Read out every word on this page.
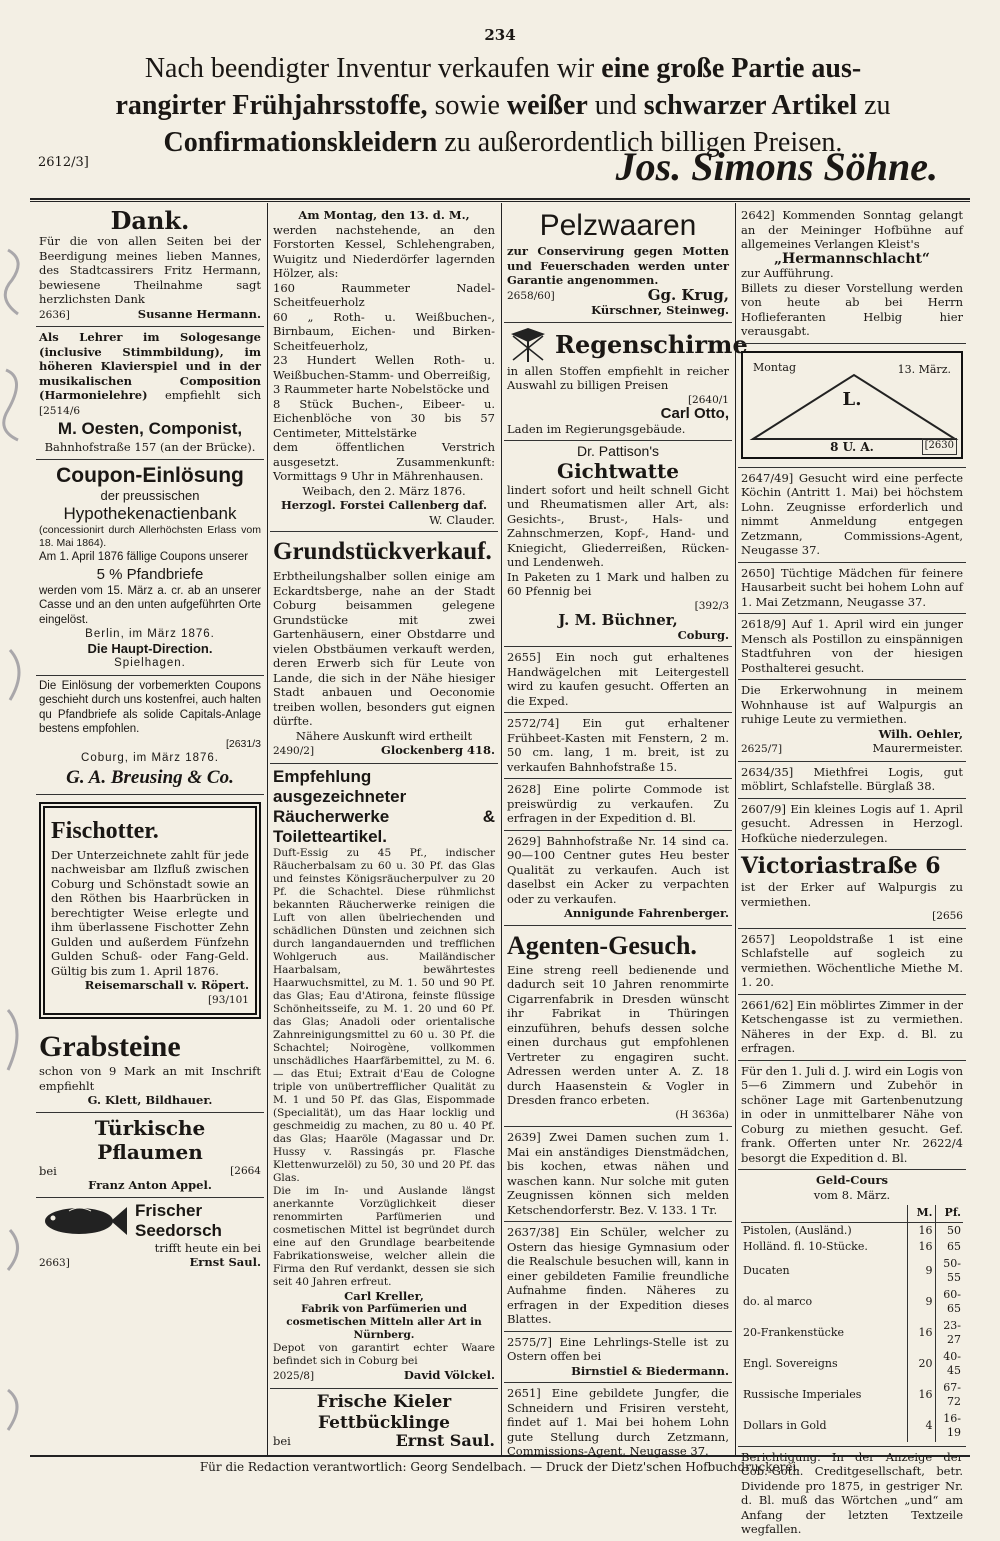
234
Nach beendigter Inventur verkaufen wir eine große Partie aus-
rangirter Frühjahrsstoffe, sowie weißer und schwarzer Artikel zu
Confirmationskleidern zu außerordentlich billigen Preisen.
2612/3]	Jos. Simons Söhne.
Dank.

Für die von allen Seiten bei der Beerdigung meines lieben Mannes, des Stadtcassirers Fritz Hermann, bewiesene Theilnahme sagt herzlichsten Dank

2636]	Susanne Hermann.

Als Lehrer im Sologesange (inclusive Stimmbildung), im höheren Klavierspiel und in der musikalischen Composition (Harmonielehre) empfiehlt sich [2514/6

M. Oesten, Componist,

Bahnhofstraße 157 (an der Brücke).

Coupon-Einlösung

der preussischen

Hypothekenactienbank

(concessionirt durch Allerhöchsten Erlass vom 18. Mai 1864).

Am 1. April 1876 fällige Coupons unserer

5 % Pfandbriefe

werden vom 15. März a. cr. ab an unserer Casse und an den unten aufgeführten Orte eingelöst.

Berlin, im März 1876.

Die Haupt-Direction.

Spielhagen.

Die Einlösung der vorbemerkten Coupons geschieht durch uns kostenfrei, auch halten qu Pfandbriefe als solide Capitals-Anlage bestens empfohlen.

[2631/3

Coburg, im März 1876.

G. A. Breusing & Co.

Fischotter.

Der Unterzeichnete zahlt für jede nachweisbar am Ilzfluß zwischen Coburg und Schönstadt sowie an den Röthen bis Haarbrücken in berechtigter Weise erlegte und ihm überlassene Fischotter Zehn Gulden und außerdem Fünfzehn Gulden Schuß- oder Fang-Geld. Gültig bis zum 1. April 1876.

Reisemarschall v. Röpert.

[93/101

Grabsteine

schon von 9 Mark an mit Inschrift empfiehlt

G. Klett, Bildhauer.

Türkische Pflaumen

bei	[2664

Franz Anton Appel.

Frischer Seedorsch

trifft heute ein bei

2663]	Ernst Saul.

Am Montag, den 13. d. M.,

werden nachstehende, an den Forstorten Kessel, Schlehengraben, Wuigitz und Niederdörfer lagernden Hölzer, als:

160 Raummeter Nadel-Scheitfeuerholz

60 „ Roth- u. Weißbuchen-, Birnbaum, Eichen- und Birken-Scheitfeuerholz,

23 Hundert Wellen Roth- u. Weißbuchen-Stamm- und Oberreißig,

3 Raummeter harte Nobelstöcke und

8 Stück Buchen-, Eibeer- u. Eichenblöche von 30 bis 57 Centimeter, Mittelstärke

dem öffentlichen Verstrich ausgesetzt. Zusammenkunft: Vormittags 9 Uhr in Mährenhausen.

Weibach, den 2. März 1876.

Herzogl. Forstei Callenberg daf.

W. Clauder.

Grundstückverkauf.

Erbtheilungshalber sollen einige am Eckardtsberge, nahe an der Stadt Coburg beisammen gelegene Grundstücke mit zwei Gartenhäusern, einer Obstdarre und vielen Obstbäumen verkauft werden, deren Erwerb sich für Leute von Lande, die sich in der Nähe hiesiger Stadt anbauen und Oeconomie treiben wollen, besonders gut eignen dürfte.

Nähere Auskunft wird ertheilt

2490/2]	Glockenberg 418.

Empfehlung ausgezeichneter Räucherwerke & Toiletteartikel.

Duft-Essig zu 45 Pf., indischer Räucherbalsam zu 60 u. 30 Pf. das Glas und feinstes Königsräucherpulver zu 20 Pf. die Schachtel. Diese rühmlichst bekannten Räucherwerke reinigen die Luft von allen übelriechenden und schädlichen Dünsten und zeichnen sich durch langandauernden und trefflichen Wohlgeruch aus. Mailändischer Haarbalsam, bewährtestes Haarwuchsmittel, zu M. 1. 50 und 90 Pf. das Glas; Eau d'Atirona, feinste flüssige Schönheitsseife, zu M. 1. 20 und 60 Pf. das Glas; Anadoli oder orientalische Zahnreinigungsmittel zu 60 u. 30 Pf. die Schachtel; Noirogène, vollkommen unschädliches Haarfärbemittel, zu M. 6.— das Etui; Extrait d'Eau de Cologne triple von unübertrefflicher Qualität zu M. 1 und 50 Pf. das Glas, Eispommade (Specialität), um das Haar locklig und geschmeidig zu machen, zu 80 u. 40 Pf. das Glas; Haaröle (Magassar und Dr. Hussy v. Rassingás pr. Flasche Klettenwurzelöl) zu 50, 30 und 20 Pf. das Glas.

Die im In- und Auslande längst anerkannte Vorzüglichkeit dieser renommirten Parfümerien und cosmetischen Mittel ist begründet durch eine auf den Grundlage bearbeitende Fabrikationsweise, welcher allein die Firma den Ruf verdankt, dessen sie sich seit 40 Jahren erfreut.

Carl Kreller,

Fabrik von Parfümerien und cosmetischen Mitteln aller Art in Nürnberg.

Depot von garantirt echter Waare befindet sich in Coburg bei

2025/8]	David Völckel.

Frische Kieler Fettbücklinge

bei	Ernst Saul.

Pelzwaaren

zur Conservirung gegen Motten und Feuerschaden werden unter Garantie angenommen.

2658/60]	Gg. Krug,

Kürschner, Steinweg.

Regenschirme

in allen Stoffen empfiehlt in reicher Auswahl zu billigen Preisen

[2640/1

Carl Otto,

Laden im Regierungsgebäude.

Dr. Pattison's

Gichtwatte

lindert sofort und heilt schnell Gicht und Rheumatismen aller Art, als: Gesichts-, Brust-, Hals- und Zahnschmerzen, Kopf-, Hand- und Kniegicht, Gliederreißen, Rücken- und Lendenweh.

In Paketen zu 1 Mark und halben zu 60 Pfennig bei

[392/3

J. M. Büchner,

Coburg.

2655] Ein noch gut erhaltenes Handwägelchen mit Leitergestell wird zu kaufen gesucht. Offerten an die Exped.

2572/74] Ein gut erhaltener Frühbeet-Kasten mit Fenstern, 2 m. 50 cm. lang, 1 m. breit, ist zu verkaufen Bahnhofstraße 15.

2628] Eine polirte Commode ist preiswürdig zu verkaufen. Zu erfragen in der Expedition d. Bl.

2629] Bahnhofstraße Nr. 14 sind ca. 90—100 Centner gutes Heu bester Qualität zu verkaufen. Auch ist daselbst ein Acker zu verpachten oder zu verkaufen.

Annigunde Fahrenberger.

Agenten-Gesuch.

Eine streng reell bedienende und dadurch seit 10 Jahren renommirte Cigarrenfabrik in Dresden wünscht ihr Fabrikat in Thüringen einzuführen, behufs dessen solche einen durchaus gut empfohlenen Vertreter zu engagiren sucht. Adressen werden unter A. Z. 18 durch Haasenstein & Vogler in Dresden franco erbeten.

(H 3636a)

2639] Zwei Damen suchen zum 1. Mai ein anständiges Dienstmädchen, bis kochen, etwas nähen und waschen kann. Nur solche mit guten Zeugnissen können sich melden Ketschendorferstr. Bez. V. 133. 1 Tr.

2637/38] Ein Schüler, welcher zu Ostern das hiesige Gymnasium oder die Realschule besuchen will, kann in einer gebildeten Familie freundliche Aufnahme finden. Näheres zu erfragen in der Expedition dieses Blattes.

2575/7] Eine Lehrlings-Stelle ist zu Ostern offen bei

Birnstiel & Biedermann.

2651] Eine gebildete Jungfer, die Schneidern und Frisiren versteht, findet auf 1. Mai bei hohem Lohn gute Stellung durch Zetzmann, Commissions-Agent, Neugasse 37.

2642] Kommenden Sonntag gelangt an der Meininger Hofbühne auf allgemeines Verlangen Kleist's

„Hermannschlacht“

zur Aufführung.

Billets zu dieser Vorstellung werden von heute ab bei Herrn Hoflieferanten Helbig hier verausgabt.

Montag	13. März.
L.
8 U. A.	[2630

2647/49] Gesucht wird eine perfecte Köchin (Antritt 1. Mai) bei höchstem Lohn. Zeugnisse erforderlich und nimmt Anmeldung entgegen Zetzmann, Commissions-Agent, Neugasse 37.

2650] Tüchtige Mädchen für feinere Hausarbeit sucht bei hohem Lohn auf 1. Mai Zetzmann, Neugasse 37.

2618/9] Auf 1. April wird ein junger Mensch als Postillon zu einspännigen Stadtfuhren von der hiesigen Posthalterei gesucht.

Die Erkerwohnung in meinem Wohnhause ist auf Walpurgis an ruhige Leute zu vermiethen.

Wilh. Oehler,

2625/7]	Maurermeister.

2634/35] Miethfrei Logis, gut möblirt, Schlafstelle. Bürglaß 38.

2607/9] Ein kleines Logis auf 1. April gesucht. Adressen in Herzogl. Hofküche niederzulegen.

Victoriastraße 6

ist der Erker auf Walpurgis zu vermiethen.

[2656

2657] Leopoldstraße 1 ist eine Schlafstelle auf sogleich zu vermiethen. Wöchentliche Miethe M. 1. 20.

2661/62] Ein möblirtes Zimmer in der Ketschengasse ist zu vermiethen. Näheres in der Exp. d. Bl. zu erfragen.

Für den 1. Juli d. J. wird ein Logis von 5—6 Zimmern und Zubehör in schöner Lage mit Gartenbenutzung in oder in unmittelbarer Nähe von Coburg zu miethen gesucht. Gef. frank. Offerten unter Nr. 2622/4 besorgt die Expedition d. Bl.

Geld-Cours

vom 8. März.

	M.	Pf.
Pistolen, (Ausländ.)	16	50
Holländ. fl. 10-Stücke.	16	65
Ducaten	9	50-55
do. al marco	9	60-65
20-Frankenstücke	16	23-27
Engl. Sovereigns	20	40-45
Russische Imperiales	16	67-72
Dollars in Gold	4	16-19

Berichtigung. In der Anzeige der Cob.-Goth. Creditgesellschaft, betr. Dividende pro 1875, in gestriger Nr. d. Bl. muß das Wörtchen „und“ am Anfang der letzten Textzeile wegfallen.

Für die Redaction verantwortlich: Georg Sendelbach. — Druck der Dietz'schen Hofbuchdruckerei.
